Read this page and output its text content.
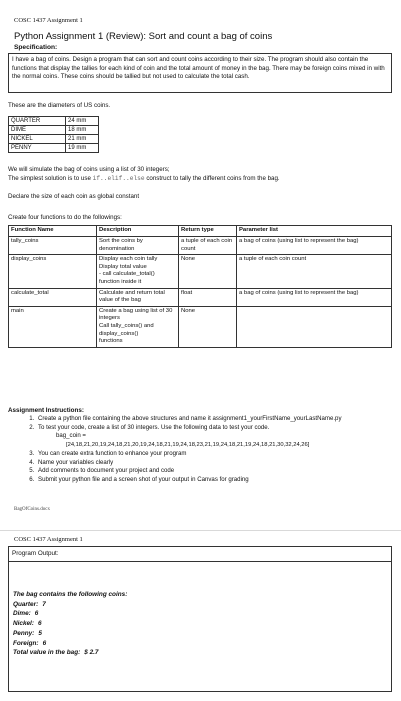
COSC 1437 Assignment 1
Python Assignment 1 (Review): Sort and count a bag of coins
Specification:
I have a bag of coins. Design a program that can sort and count coins according to their size. The program should also contain the functions that display the tallies for each kind of coin and the total amount of money in the bag. There may be foreign coins mixed in with the normal coins. These coins should be tallied but not used to calculate the total cash.
These are the diameters of US coins.
QUARTER	24 mm
DIME	18 mm
NICKEL	21 mm
PENNY	19 mm
We will simulate the bag of coins using a list of 30 integers;
The simplest solution is to use if..elif..else construct to tally the different coins from the bag.
Declare the size of each coin as global constant
Create four functions to do the followings:
Function Name	Description	Return type	Parameter list
tally_coins	Sort the coins by denomination	a tuple of each coin count	a bag of coins (using list to represent the bag)
display_coins	Display each coin tally
Display total value
- call calculate_total()
function inside it	None	a tuple of each coin count
calculate_total	Calculate and return total value of the bag	float	a bag of coins (using list to represent the bag)
main	Create a bag using list of 30 integers
Call tally_coins() and display_coins()
functions	None	
Assignment Instructions:
1. Create a python file containing the above structures and name it assignment1_yourFirstName_yourLastName.py
2. To test your code, create a list of 30 integers. Use the following data to test your code.
bag_coin =
[24,18,21,20,19,24,18,21,20,19,24,18,21,19,24,18,23,21,19,24,18,21,19,24,18,21,30,32,24,26]
3. You can create extra function to enhance your program
4. Name your variables clearly
5. Add comments to document your project and code
6. Submit your python file and a screen shot of your output in Canvas for grading
BagOfCoins.docx
COSC 1437 Assignment 1
Program Output:
The bag contains the following coins:
Quarter: 7
Dime: 6
Nickel: 6
Penny: 5
Foreign: 6
Total value in the bag: $ 2.7
